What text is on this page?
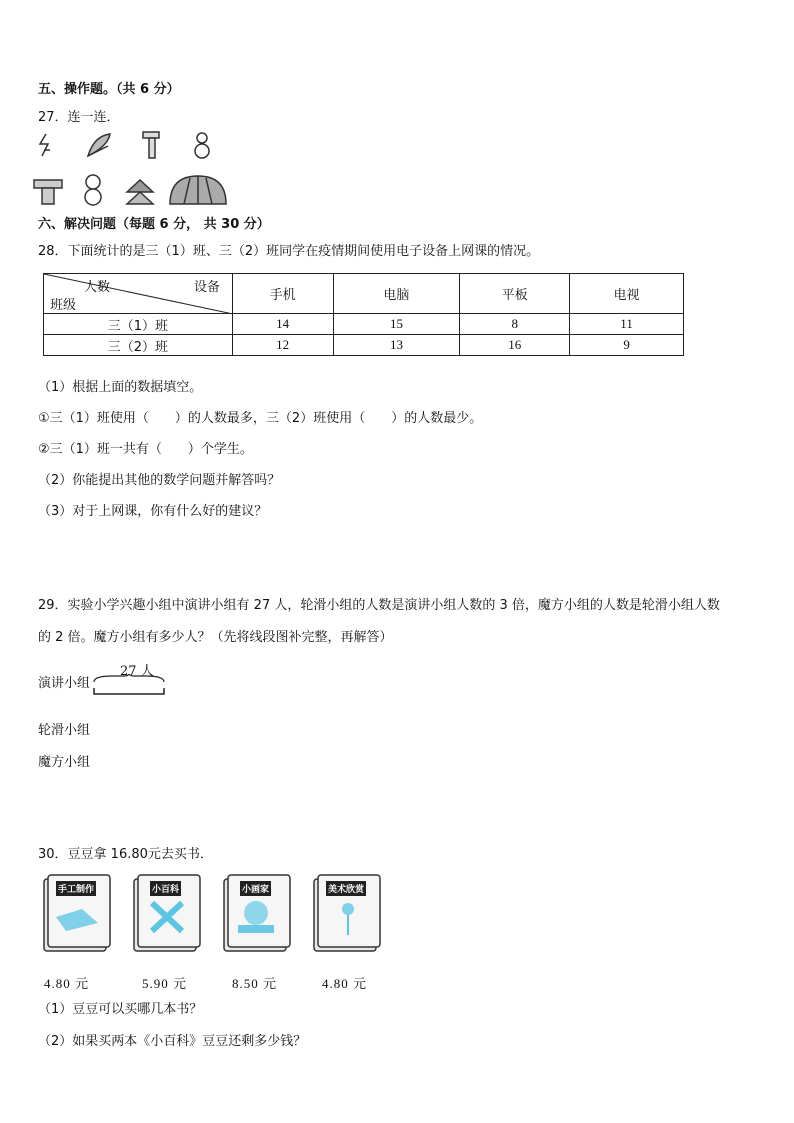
五、操作题。（共 6 分）
27．连一连．
六、解决问题（每题 6 分， 共 30 分）
28．下面统计的是三（1）班、三（2）班同学在疫情期间使用电子设备上网课的情况。
人数 设备
班级	手机	电脑	平板	电视
三（1）班	14	15	8	11
三（2）班	12	13	16	9
（1）根据上面的数据填空。
①三（1）班使用（　　）的人数最多，三（2）班使用（　　）的人数最少。
②三（1）班一共有（　　）个学生。
（2）你能提出其他的数学问题并解答吗？
（3）对于上网课，你有什么好的建议？
29．实验小学兴趣小组中演讲小组有 27 人，轮滑小组的人数是演讲小组人数的 3 倍，魔方小组的人数是轮滑小组人数
的 2 倍。魔方小组有多少人？（先将线段图补完整，再解答）
演讲小组
27 人
轮滑小组
魔方小组
30．豆豆拿 16.80元去买书．
手工制作	小百科	小画家	美术欣赏
4.80 元	5.90 元	8.50 元	4.80 元
（1）豆豆可以买哪几本书？
（2）如果买两本《小百科》豆豆还剩多少钱？
